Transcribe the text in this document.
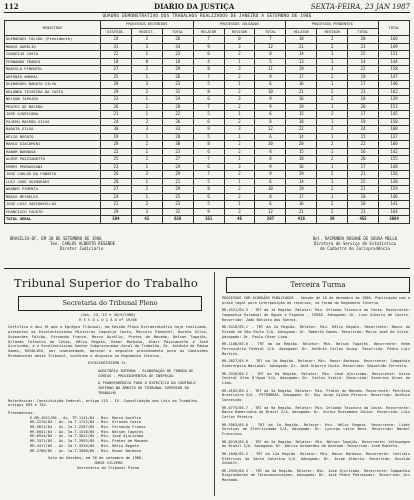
112	DIARIO DA JUSTIÇA	SEXTA-FEIRA, 23 JAN 1987
QUADRO DEMONSTRATIVO DOS TRABALHOS REALIZADOS DE JANEIRO A SETEMBRO DE 1986
MINISTROS	PROCESSOS RECEBIDOS			PROCESSOS JULGADOS			PROCESSOS PENDENTES			TOTAL
	DISTRIB.	REDIST.	TOTAL	RELATOR	REVISOR	TOTAL	RELATOR	REVISOR	TOTAL	
GUIMARÃES FALCÃO (Presidente)	24	2	26	7	0	7	18	2	20	166
MARCO AURÉLIO	31	3	34	9	3	12	21	2	23	149
COQUEIJO COSTA	22	1	23	6	2	8	14	1	15	151
FERNANDO FRANCO	18	0	18	4	1	5	13	1	14	144
MARCELO PIMENTEL	27	2	29	8	3	11	19	3	22	158
ANTÔNIO AMARAL	25	1	26	7	2	9	17	2	19	147
GUIMARÃES BARATA SILVA	20	3	23	5	1	6	16	1	17	140
ORLANDO TEIXEIRA DA COSTA	29	2	31	8	2	10	21	2	23	162
NELSON TAPAJÓS	23	1	24	6	3	9	16	2	18	139
PRATES DE MACEDO	26	2	28	7	2	9	19	1	20	153
JOSÉ AJURICABA	21	1	22	5	1	6	15	2	17	145
PAJEHÚ MACEDO SILVA	24	2	26	6	2	8	18	1	19	150
BARATA SILVA	30	3	33	9	3	12	22	2	24	168
HÉLIO REGATO	19	1	20	5	1	6	14	1	15	137
MARCO GIACOMINI	28	2	30	8	2	10	20	2	22	160
RANOR BARBOSA	22	1	23	6	2	8	15	1	16	142
ALMIR PAZZIANOTTO	25	2	27	7	1	8	18	2	20	155
ERMES PEDRASSANI	23	1	24	6	3	9	16	1	17	148
JOSÉ CARLOS DA FONSECA	26	3	29	7	2	9	19	2	21	156
LUIZ JOSÉ GUIMARÃES	20	1	21	5	1	6	14	1	15	138
WAGNER PIMENTA	27	2	29	8	2	10	19	2	21	159
MÁRIO MEIRELES	24	1	25	6	2	8	17	1	18	146
JOSÉ LUIZ VASCONCELLOS	21	2	23	5	1	6	16	2	18	141
FRANCISCO FAUSTO	29	3	32	9	3	12	21	2	23	164
TOTAL GERAL	584	42	626	161	46	207	416	39	455	3664
BRASÍLIA-DF, EM 30 DE SETEMBRO DE 1986
Ten. CARLOS ALBERTO RESENDE
Diretor Judiciário
Bel. RAIMUNDA ROSANE DE SOUSA MELLO
Diretora do Serviço de Estatística
de Cadastro de Jurisprudência
Tribunal Superior do Trabalho
Secretaria do Tribunal Pleno
(Ses. 23, 23 e 30/9/1986)
R E S O L U Ç Ã O nº 19/86
Certifico e dou fé que o Egrégio Tribunal, em Sessão Plena Extraordinária hoje realizada, presentes os Excelentíssimos Ministros Coqueijo Costa, Marcelo Pimentel, Barata Silva, Guimarães Falcão, Fernando Franco, Marco Aurélio, Prates de Macedo, Nelson Tapajós, Orlando Teixeira da Costa, Hélio Regato, Ranor Barbosa, Almir Pazzianotto e José Ajuricaba, e o Excelentíssimo Senhor Subprocurador-Geral do Trabalho, Dr. Antônio de Pádua Gomes, RESOLVEU, por unanimidade, aprovar o seguinte procedimento para as Comissões Permanentes deste Tribunal, conforme o disposto no Regimento Interno.
EXCELENTÍSSIMO Sr.
AUDITORIA INTERNA - ELABORAÇÃO DE TOMADA DE CONTAS - PROCEDIMENTOS DE INSPEÇÃO
A TRANSPARÊNCIA PARA O EXERCÍCIO DO CONTROLE INTERNO NO ÂMBITO DO TRIBUNAL SUPERIOR DO TRABALHO
Referências: Constituição Federal, artigo 115 - IV. Consolidação das Leis do Trabalho, artigos 693 e 702.
Precedentes:
E-RR-4521/85 - Ac. TP-1141/84 - Min. Marco Aurélio
RR-2210/84 - Ac. 1a.T-1742/85 - Min. Orlando Costa
RR-5812/84 - Ac. 2a.T-2207/85 - Min. Fernando Franco
RR-6031/84 - Ac. 3a.T-1518/85 - Min. Nelson Tapajós
RR-0914/85 - Ac. 1a.T-3021/85 - Min. José Ajuricaba
RR-3371/85 - Ac. 2a.T-2993/85 - Min. Prates de Macedo
RR-4417/85 - Ac. 3a.T-3326/85 - Min. Hélio Regato
RR-2786/85 - Ac. 1a.T-3508/85 - Min. Ranor Barbosa
Sala de Sessões, em 30 de setembro de 1986.
JORGE SILVERO
Secretário do Tribunal Pleno
Terceira Turma
PROCESSOS COM ACÓRDÃOS PUBLICADOS - Sessão de 10 de dezembro de 1986. Publicação com o prazo legal para interposição de recursos, na forma do Regimento Interno.
RR-4521/84.3 - TRT da 1a Região. Relator: Min. Orlando Teixeira da Costa. Recorrente: Companhia Estadual de Águas e Esgotos - CEDAE. Advogado: Dr. Lino Alberto de Castro. Recorrido: João Batista dos Santos.
RR-5410/85.1 - TRT da 2a Região. Relator: Min. Hélio Regato. Recorrente: Banco do Estado de São Paulo S/A. Advogado: Dr. Roberto Gomes. Recorrido: Maria José da Silva. Advogado: Dr. Paulo César Lima.
RR-1188/85.6 - TRT da 4a Região. Relator: Min. Nelson Tapajós. Recorrente: Rede Ferroviária Federal S/A. Advogado: Dr. Antônio Carlos Sousa. Recorrido: Pedro Luiz Martins.
RR-2027/85.9 - TRT da 3a Região. Relator: Min. Ranor Barbosa. Recorrente: Companhia Siderúrgica Nacional. Advogado: Dr. José Alberto Couto. Recorrido: Sebastião Ferreira.
RR-3316/85.2 - TRT da 6a Região. Relator: Min. José Ajuricaba. Recorrente: Usina Central Olho D'Água S/A. Advogado: Dr. Carlos Vieira. Recorrido: Severino Alves de Lima.
RR-4102/85.4 - TRT da 5a Região. Relator: Min. Prates de Macedo. Recorrente: Petróleo Brasileiro S/A - PETROBRÁS. Advogado: Dr. Ruy Jorge Caldas Pereira. Recorrido: Antônio Conceição.
RR-0775/85.7 - TRT da 9a Região. Relator: Min. Orlando Teixeira da Costa. Recorrente: Banco Bamerindus do Brasil S/A. Advogado: Dr. Victor Russomano Júnior. Recorrido: Luiz Carlos Pereira.
RR-5563/85.0 - TRT da 1a Região. Relator: Min. Hélio Regato. Recorrente: Light Serviços de Eletricidade S/A. Advogado: Dr. Lycurgo Leite Neto. Recorrido: Manoel Francisco.
RR-6219/85.8 - TRT da 2a Região. Relator: Min. Nelson Tapajós. Recorrente: Volkswagen do Brasil S/A. Advogado: Dr. Dárcio Guimarães de Andrade. Recorrido: José Roberto.
RR-1840/85.5 - TRT da 12a Região. Relator: Min. Ranor Barbosa. Recorrente: Centrais Elétricas de Santa Catarina S/A. Advogado: Dr. Jorge Alberto. Recorrido: Osvaldo Schmitt.
RR-2955/85.3 - TRT da 4a Região. Relator: Min. José Ajuricaba. Recorrente: Companhia Riograndense de Telecomunicações. Advogado: Dr. José Pedro Pedrassani. Recorrido: Ari Machado.
